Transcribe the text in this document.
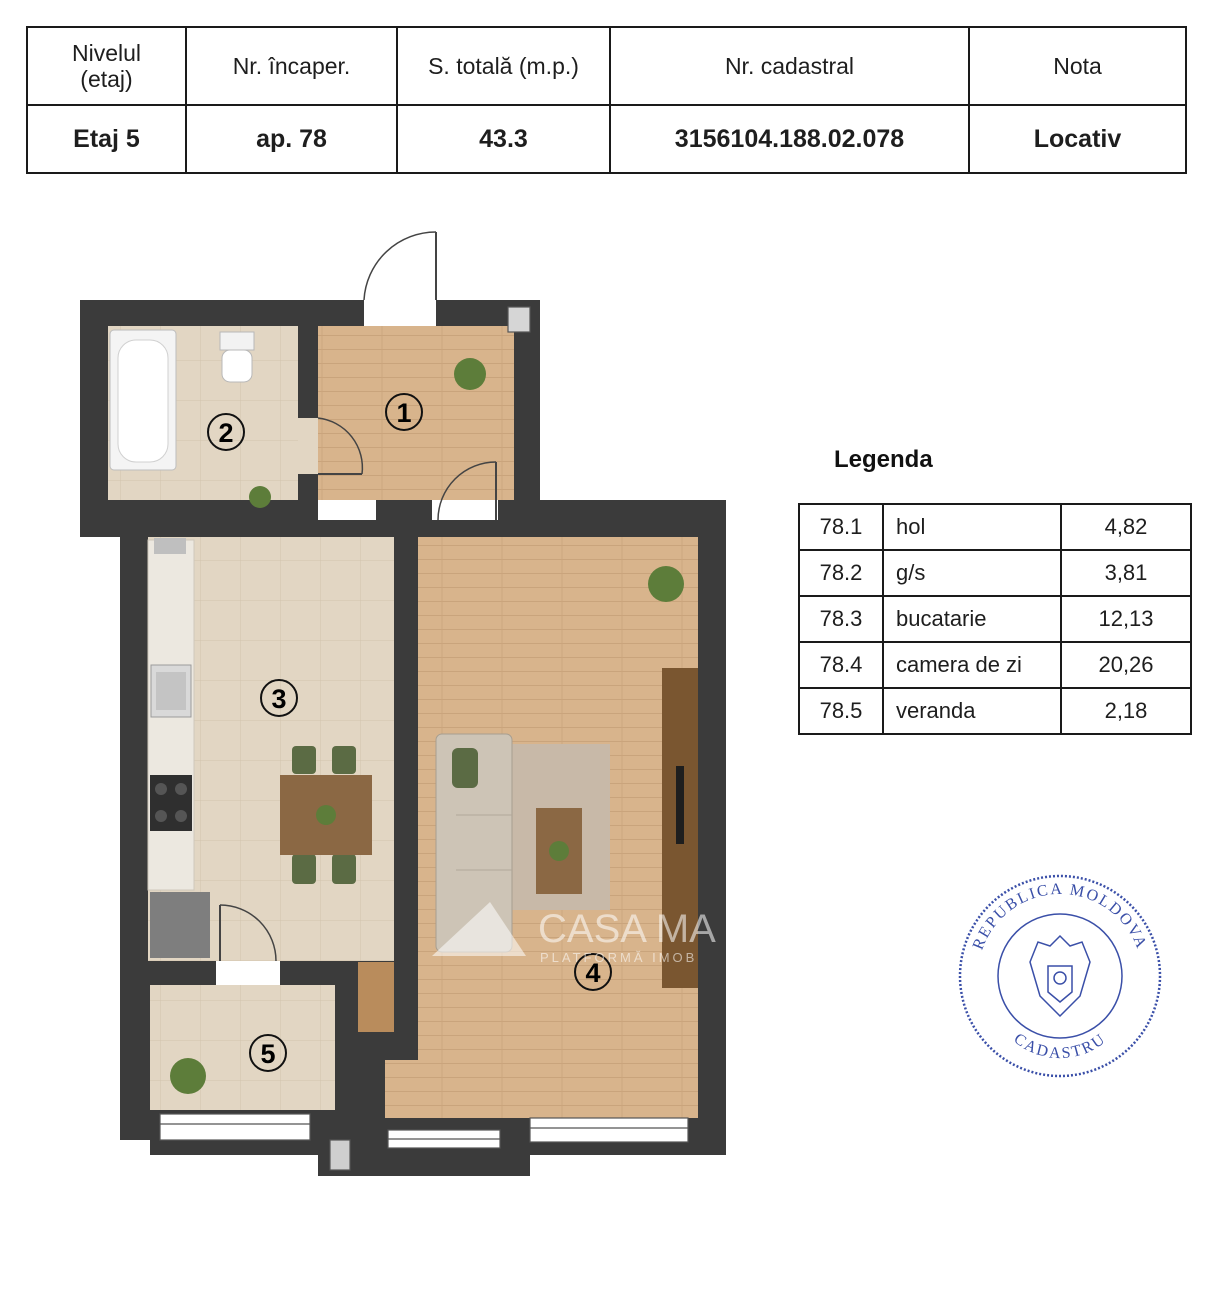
Nivelul
(etaj)	Nr. încaper.	S. totală (m.p.)	Nr. cadastral	Nota
Etaj 5	ap. 78	43.3	3156104.188.02.078	Locativ
Legenda
78.1	hol	4,82
78.2	g/s	3,81
78.3	bucatarie	12,13
78.4	camera de zi	20,26
78.5	veranda	2,18
1
2
3
4
5
CASA MA
PLATFORMĂ IMOB
REPUBLICA MOLDOVA
CADASTRU
